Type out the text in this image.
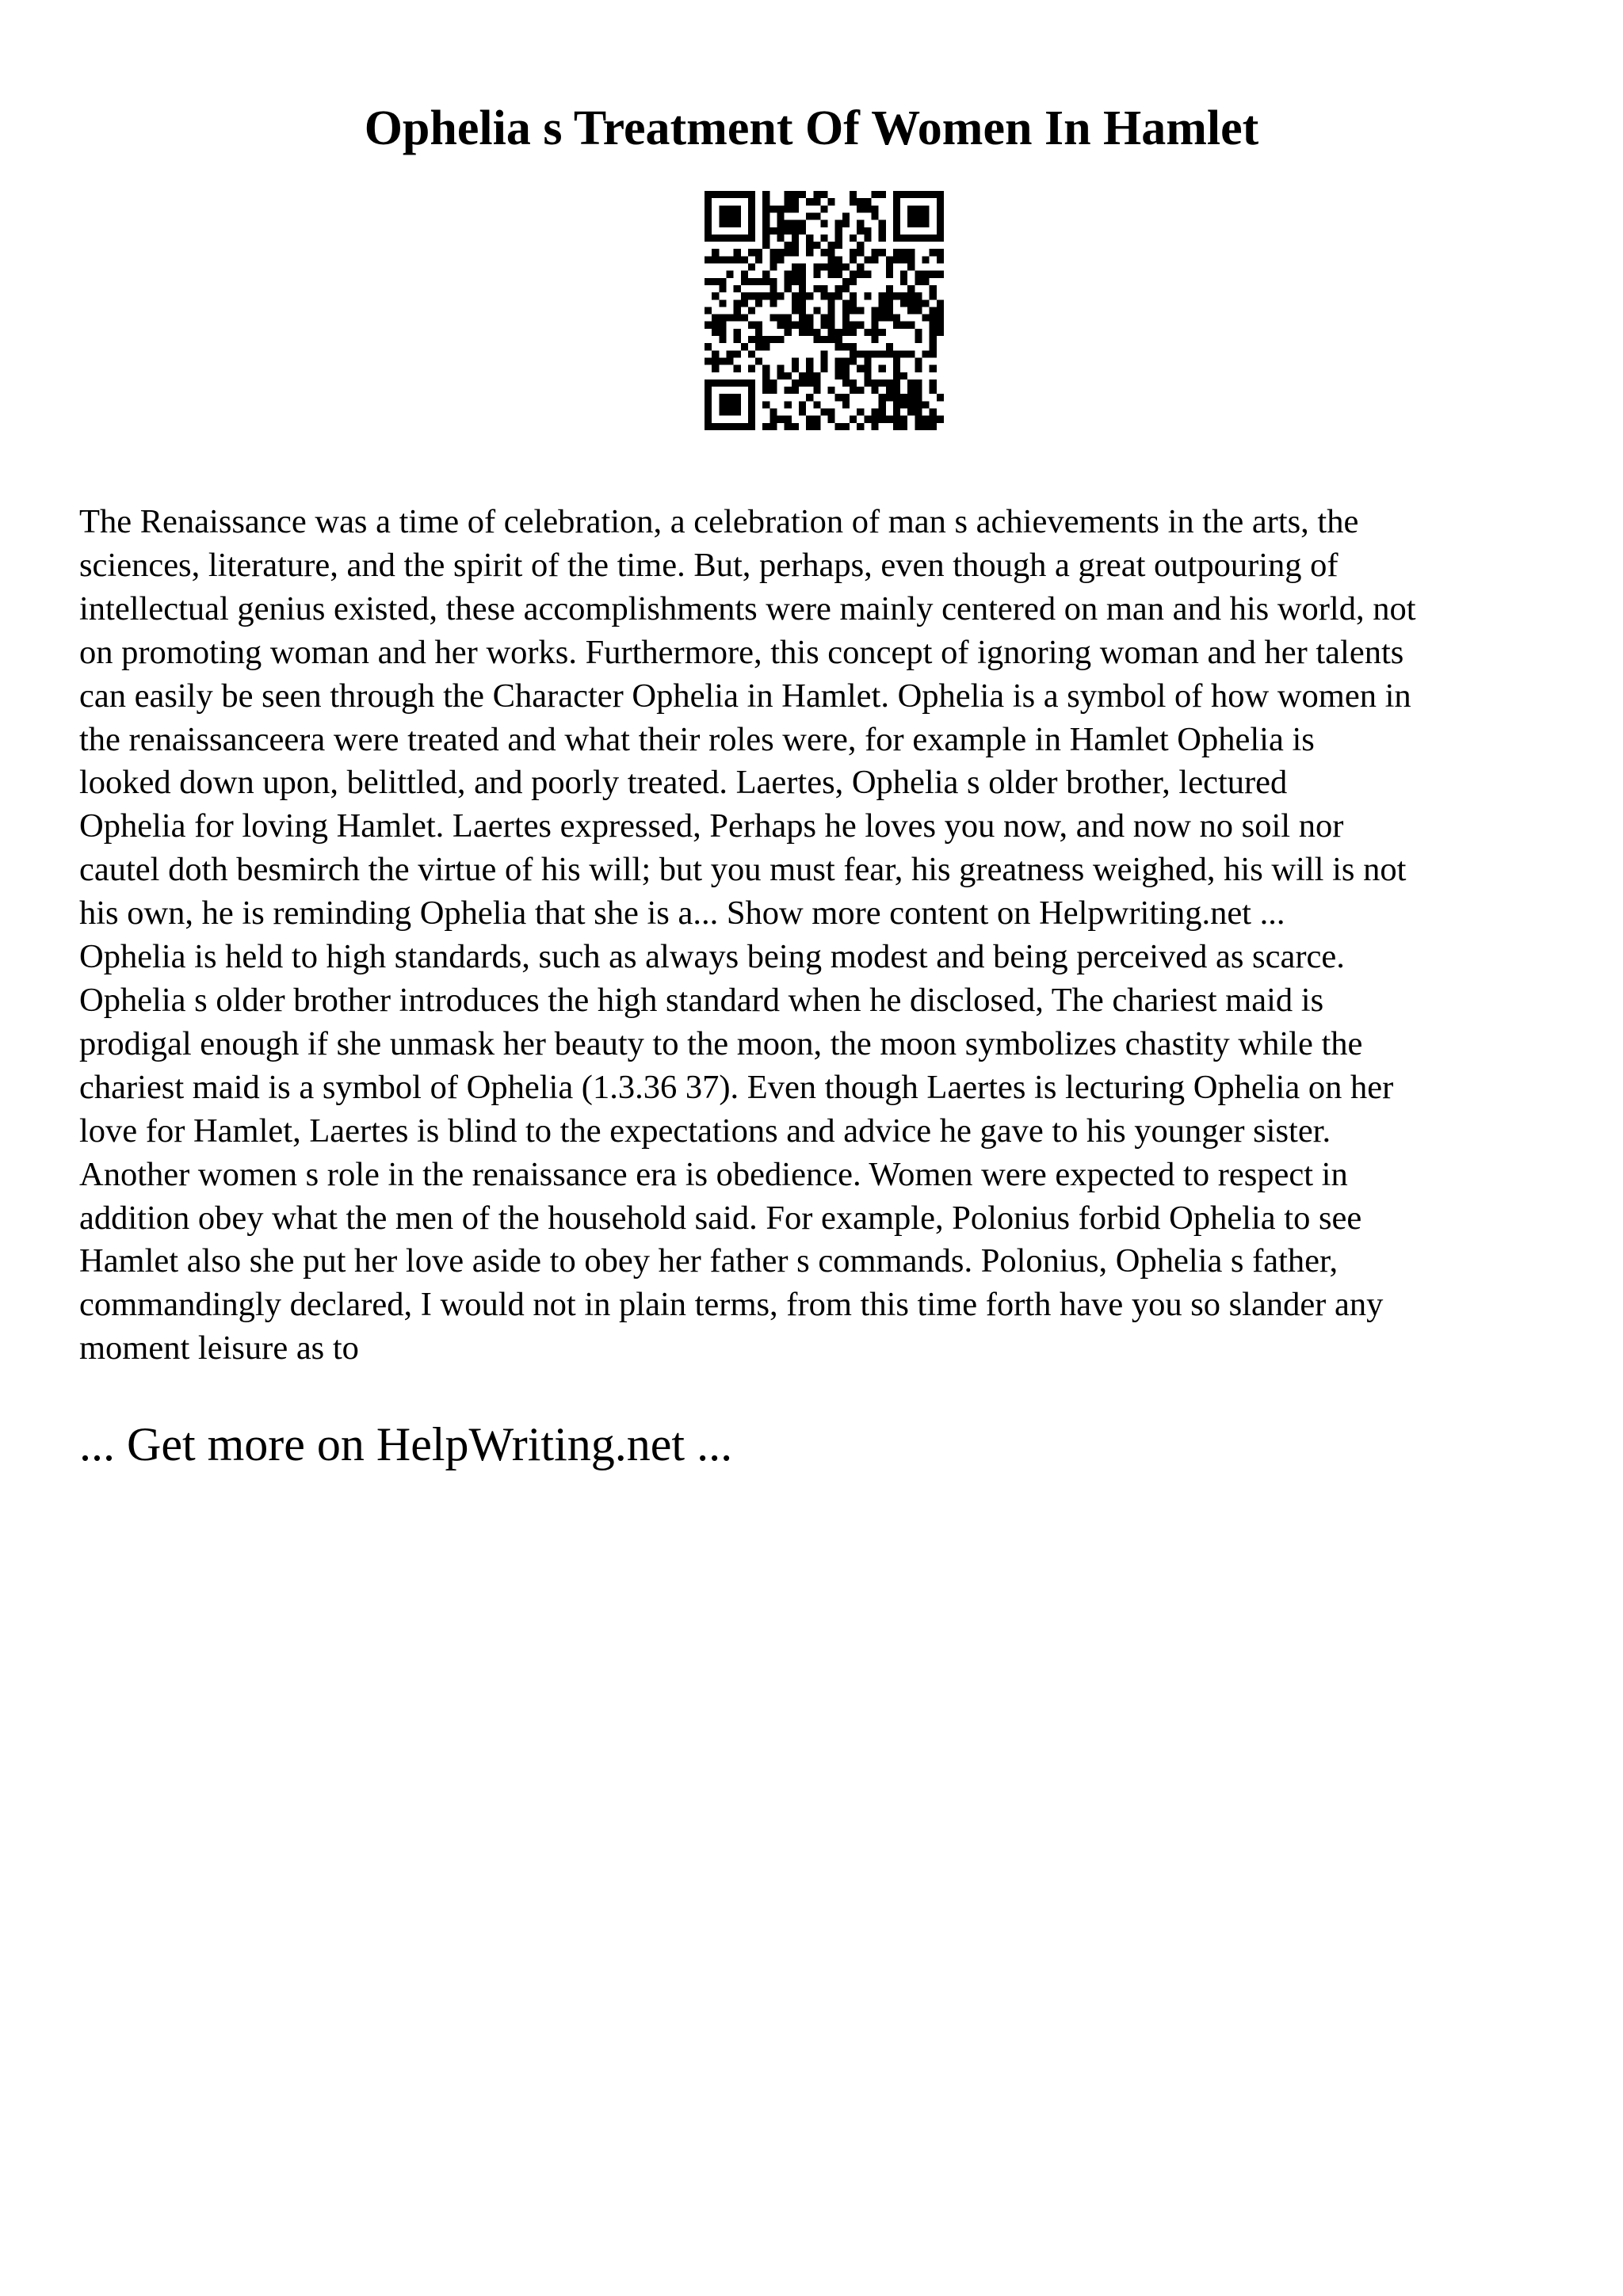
Ophelia s Treatment Of Women In Hamlet
The Renaissance was a time of celebration, a celebration of man s achievements in the arts, the
sciences, literature, and the spirit of the time. But, perhaps, even though a great outpouring of
intellectual genius existed, these accomplishments were mainly centered on man and his world, not
on promoting woman and her works. Furthermore, this concept of ignoring woman and her talents
can easily be seen through the Character Ophelia in Hamlet. Ophelia is a symbol of how women in
the renaissanceera were treated and what their roles were, for example in Hamlet Ophelia is
looked down upon, belittled, and poorly treated. Laertes, Ophelia s older brother, lectured
Ophelia for loving Hamlet. Laertes expressed, Perhaps he loves you now, and now no soil nor
cautel doth besmirch the virtue of his will; but you must fear, his greatness weighed, his will is not
his own, he is reminding Ophelia that she is a... Show more content on Helpwriting.net ...
Ophelia is held to high standards, such as always being modest and being perceived as scarce.
Ophelia s older brother introduces the high standard when he disclosed, The chariest maid is
prodigal enough if she unmask her beauty to the moon, the moon symbolizes chastity while the
chariest maid is a symbol of Ophelia (1.3.36 37). Even though Laertes is lecturing Ophelia on her
love for Hamlet, Laertes is blind to the expectations and advice he gave to his younger sister.
Another women s role in the renaissance era is obedience. Women were expected to respect in
addition obey what the men of the household said. For example, Polonius forbid Ophelia to see
Hamlet also she put her love aside to obey her father s commands. Polonius, Ophelia s father,
commandingly declared, I would not in plain terms, from this time forth have you so slander any
moment leisure as to
... Get more on HelpWriting.net ...
